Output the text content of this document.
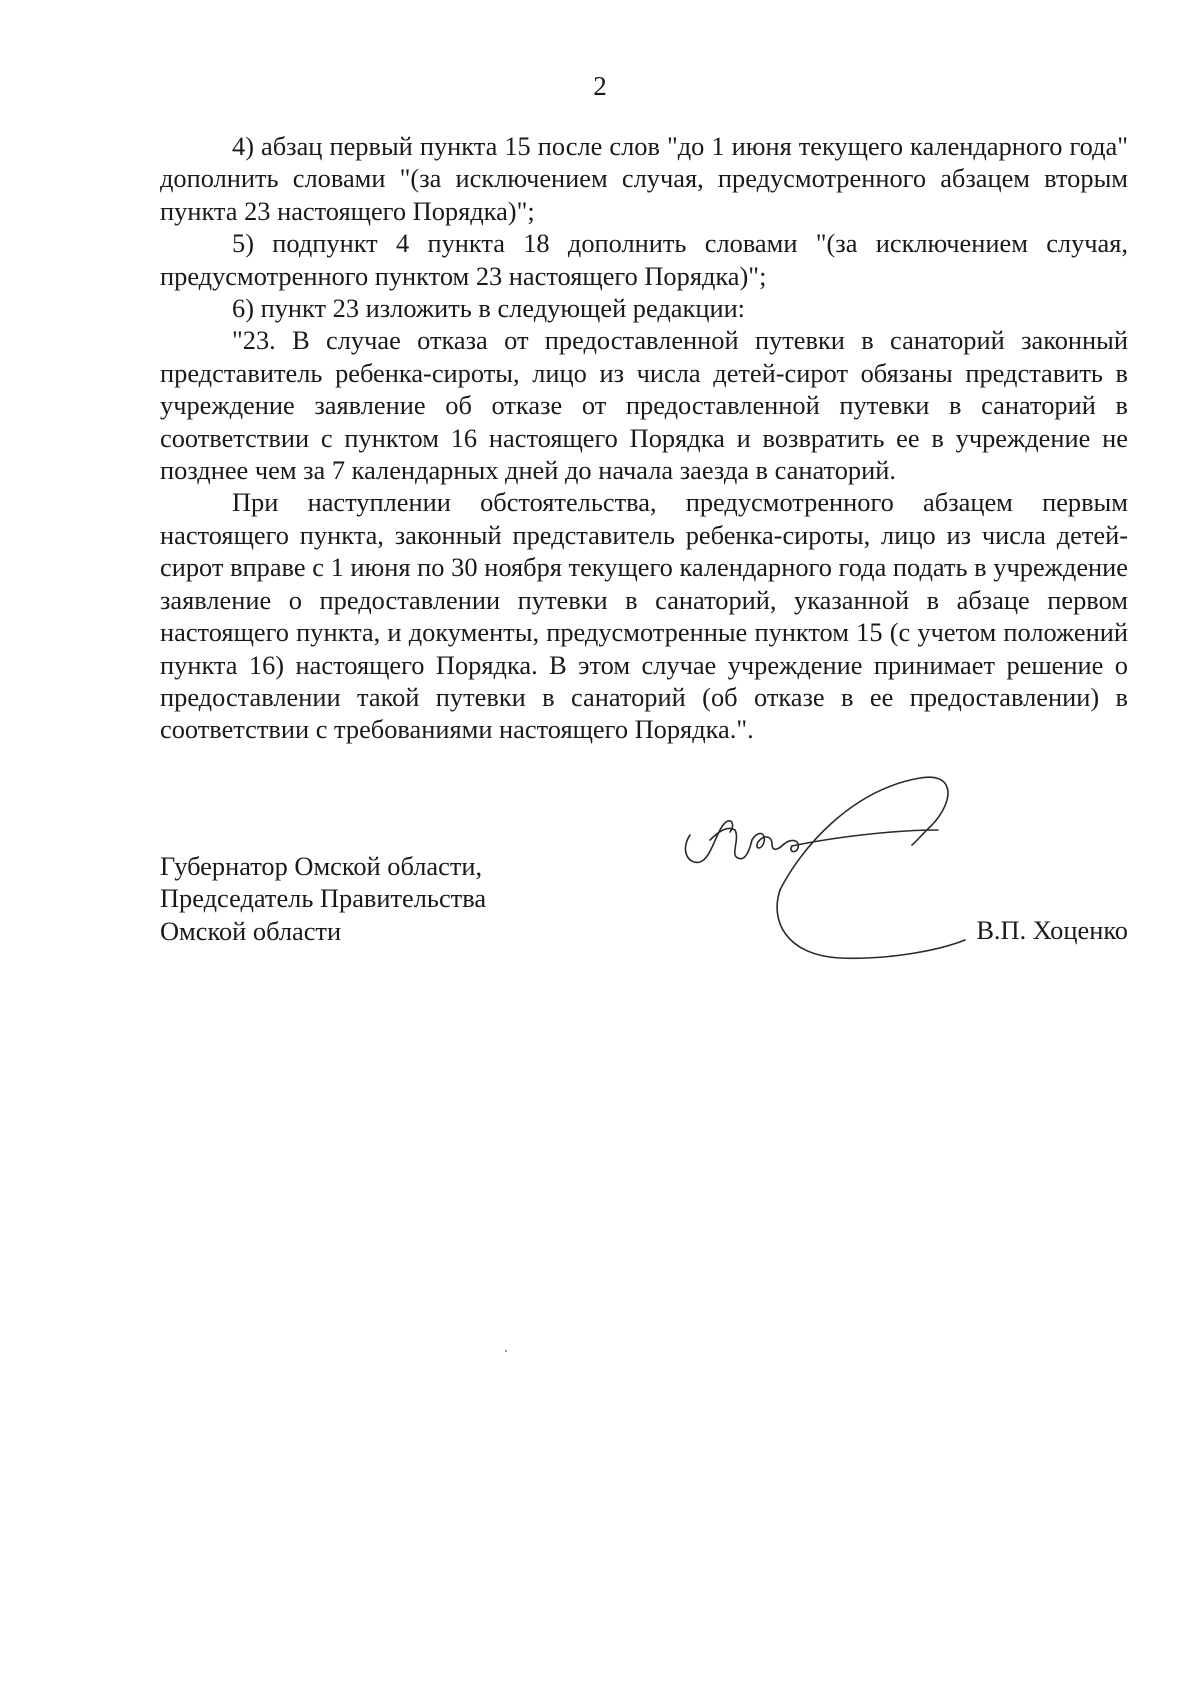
2

4) абзац первый пункта 15 после слов "до 1 июня текущего календарного года" дополнить словами "(за исключением случая, предусмотренного абзацем вторым пункта 23 настоящего Порядка)";

5) подпункт 4 пункта 18 дополнить словами "(за исключением случая, предусмотренного пунктом 23 настоящего Порядка)";

6) пункт 23 изложить в следующей редакции:

"23. В случае отказа от предоставленной путевки в санаторий законный представитель ребенка-сироты, лицо из числа детей-сирот обязаны представить в учреждение заявление об отказе от предоставленной путевки в санаторий в соответствии с пунктом 16 настоящего Порядка и возвратить ее в учреждение не позднее чем за 7 календарных дней до начала заезда в санаторий.

При наступлении обстоятельства, предусмотренного абзацем первым настоящего пункта, законный представитель ребенка-сироты, лицо из числа детей-сирот вправе с 1 июня по 30 ноября текущего календарного года подать в учреждение заявление о предоставлении путевки в санаторий, указанной в абзаце первом настоящего пункта, и документы, предусмотренные пунктом 15 (с учетом положений пункта 16) настоящего Порядка. В этом случае учреждение принимает решение о предоставлении такой путевки в санаторий (об отказе в ее предоставлении) в соответствии с требованиями настоящего Порядка.".

Губернатор Омской области,
Председатель Правительства
Омской области	В.П. Хоценко
